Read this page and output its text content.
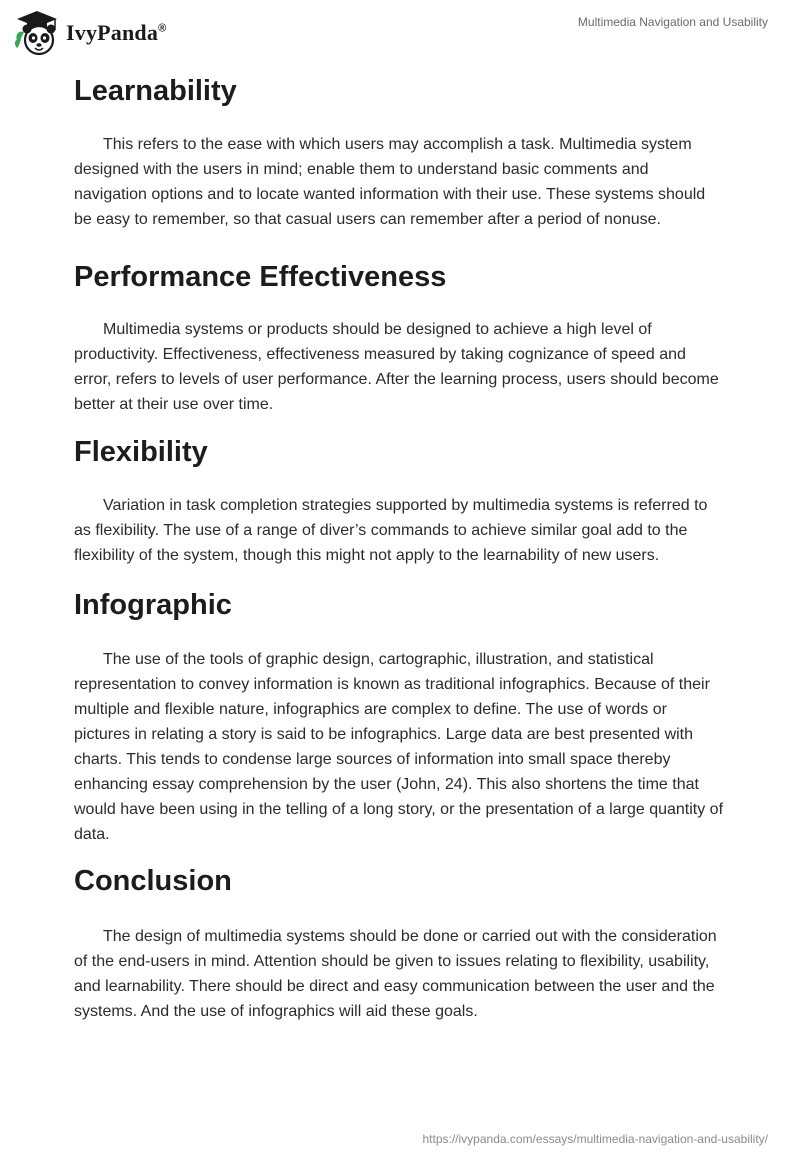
IvyPanda®	Multimedia Navigation and Usability
Learnability

This refers to the ease with which users may accomplish a task. Multimedia system designed with the users in mind; enable them to understand basic comments and navigation options and to locate wanted information with their use. These systems should be easy to remember, so that casual users can remember after a period of nonuse.

Performance Effectiveness

Multimedia systems or products should be designed to achieve a high level of productivity. Effectiveness, effectiveness measured by taking cognizance of speed and error, refers to levels of user performance. After the learning process, users should become better at their use over time.

Flexibility

Variation in task completion strategies supported by multimedia systems is referred to as flexibility. The use of a range of diver’s commands to achieve similar goal add to the flexibility of the system, though this might not apply to the learnability of new users.

Infographic

The use of the tools of graphic design, cartographic, illustration, and statistical representation to convey information is known as traditional infographics. Because of their multiple and flexible nature, infographics are complex to define. The use of words or pictures in relating a story is said to be infographics. Large data are best presented with charts. This tends to condense large sources of information into small space thereby enhancing essay comprehension by the user (John, 24). This also shortens the time that would have been using in the telling of a long story, or the presentation of a large quantity of data.

Conclusion

The design of multimedia systems should be done or carried out with the consideration of the end-users in mind. Attention should be given to issues relating to flexibility, usability, and learnability. There should be direct and easy communication between the user and the systems. And the use of infographics will aid these goals.

https://ivypanda.com/essays/multimedia-navigation-and-usability/
